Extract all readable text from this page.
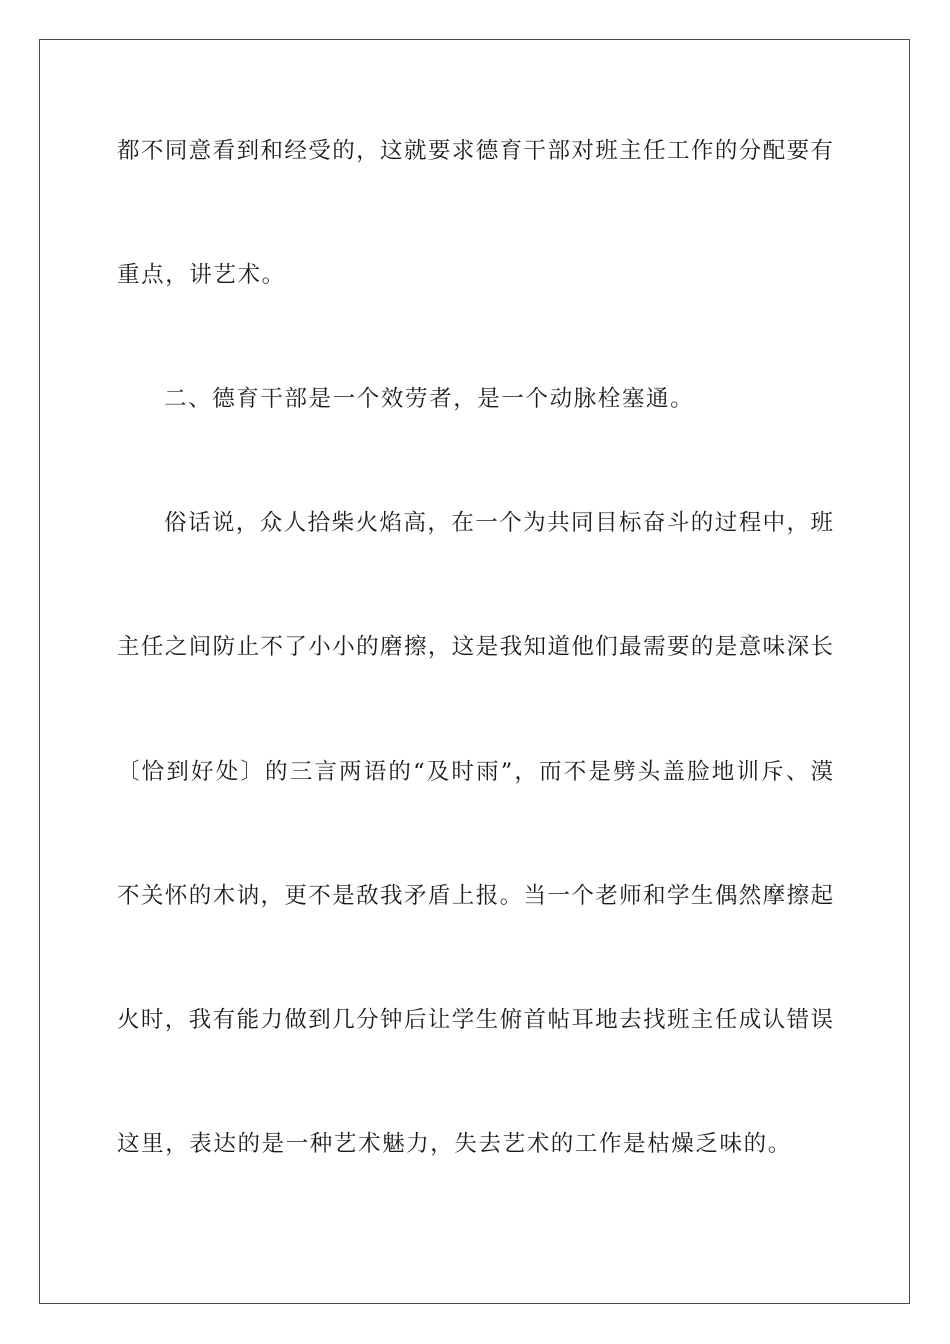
都不同意看到和经受的，这就要求德育干部对班主任工作的分配要有
重点，讲艺术。
二、德育干部是一个效劳者，是一个动脉栓塞通。
俗话说，众人拾柴火焰高，在一个为共同目标奋斗的过程中，班
主任之间防止不了小小的磨擦，这是我知道他们最需要的是意味深长
〔恰到好处〕的三言两语的“及时雨”，而不是劈头盖脸地训斥、漠
不关怀的木讷，更不是敌我矛盾上报。当一个老师和学生偶然摩擦起
火时，我有能力做到几分钟后让学生俯首帖耳地去找班主任成认错误
这里，表达的是一种艺术魅力，失去艺术的工作是枯燥乏味的。
